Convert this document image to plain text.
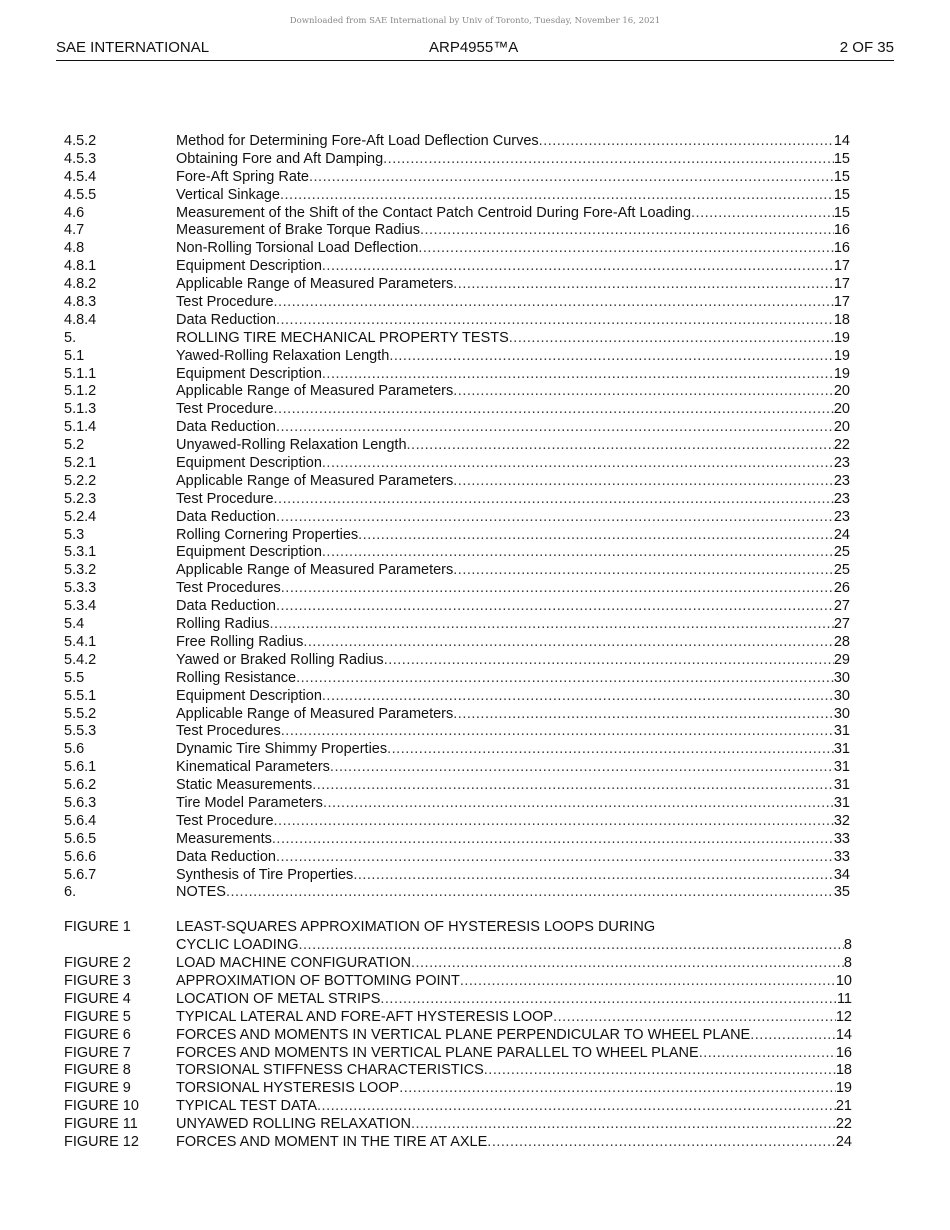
Downloaded from SAE International by Univ of Toronto, Tuesday, November 16, 2021
SAE INTERNATIONAL	ARP4955™A	2 OF 35
4.5.2	Method for Determining Fore-Aft Load Deflection Curves .....	14
4.5.3	Obtaining Fore and Aft Damping .....	15
4.5.4	Fore-Aft Spring Rate .....	15
4.5.5	Vertical Sinkage .....	15
4.6	Measurement of the Shift of the Contact Patch Centroid During Fore-Aft Loading .....	15
4.7	Measurement of Brake Torque Radius .....	16
4.8	Non-Rolling Torsional Load Deflection .....	16
4.8.1	Equipment Description .....	17
4.8.2	Applicable Range of Measured Parameters .....	17
4.8.3	Test Procedure .....	17
4.8.4	Data Reduction .....	18
5.	ROLLING TIRE MECHANICAL PROPERTY TESTS .....	19
5.1	Yawed-Rolling Relaxation Length .....	19
5.1.1	Equipment Description .....	19
5.1.2	Applicable Range of Measured Parameters .....	20
5.1.3	Test Procedure .....	20
5.1.4	Data Reduction .....	20
5.2	Unyawed-Rolling Relaxation Length .....	22
5.2.1	Equipment Description .....	23
5.2.2	Applicable Range of Measured Parameters .....	23
5.2.3	Test Procedure .....	23
5.2.4	Data Reduction .....	23
5.3	Rolling Cornering Properties .....	24
5.3.1	Equipment Description .....	25
5.3.2	Applicable Range of Measured Parameters .....	25
5.3.3	Test Procedures .....	26
5.3.4	Data Reduction .....	27
5.4	Rolling Radius .....	27
5.4.1	Free Rolling Radius .....	28
5.4.2	Yawed or Braked Rolling Radius .....	29
5.5	Rolling Resistance .....	30
5.5.1	Equipment Description .....	30
5.5.2	Applicable Range of Measured Parameters .....	30
5.5.3	Test Procedures .....	31
5.6	Dynamic Tire Shimmy Properties .....	31
5.6.1	Kinematical Parameters .....	31
5.6.2	Static Measurements .....	31
5.6.3	Tire Model Parameters .....	31
5.6.4	Test Procedure .....	32
5.6.5	Measurements .....	33
5.6.6	Data Reduction .....	33
5.6.7	Synthesis of Tire Properties .....	34
6.	NOTES .....	35
FIGURE 1	LEAST-SQUARES APPROXIMATION OF HYSTERESIS LOOPS DURING
CYCLIC LOADING .....	8
FIGURE 2	LOAD MACHINE CONFIGURATION .....	8
FIGURE 3	APPROXIMATION OF BOTTOMING POINT .....	10
FIGURE 4	LOCATION OF METAL STRIPS .....	11
FIGURE 5	TYPICAL LATERAL AND FORE-AFT HYSTERESIS LOOP .....	12
FIGURE 6	FORCES AND MOMENTS IN VERTICAL PLANE PERPENDICULAR TO WHEEL PLANE .....	14
FIGURE 7	FORCES AND MOMENTS IN VERTICAL PLANE PARALLEL TO WHEEL PLANE .....	16
FIGURE 8	TORSIONAL STIFFNESS CHARACTERISTICS .....	18
FIGURE 9	TORSIONAL HYSTERESIS LOOP .....	19
FIGURE 10	TYPICAL TEST DATA .....	21
FIGURE 11	UNYAWED ROLLING RELAXATION .....	22
FIGURE 12	FORCES AND MOMENT IN THE TIRE AT AXLE .....	24
